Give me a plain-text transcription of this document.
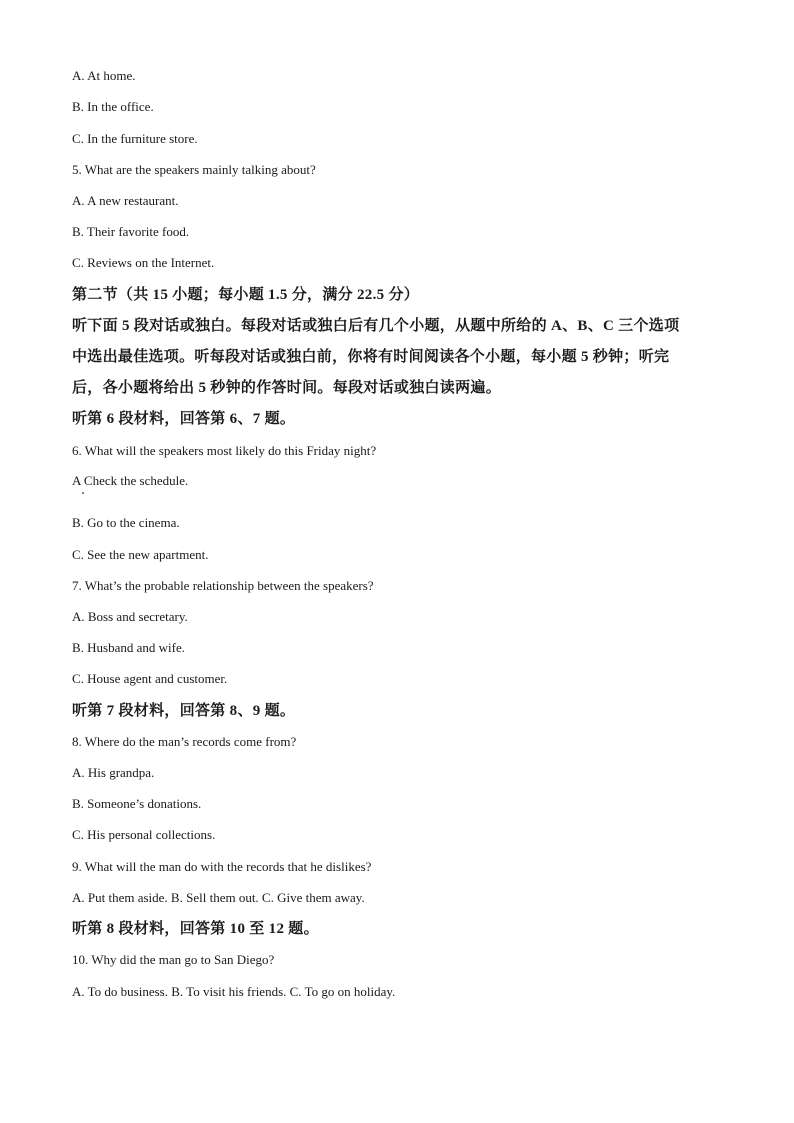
A. At home.
B. In the office.
C. In the furniture store.
5. What are the speakers mainly talking about?
A. A new restaurant.
B. Their favorite food.
C. Reviews on the Internet.
第二节（共 15 小题；每小题 1.5 分，满分 22.5 分）
听下面 5 段对话或独白。每段对话或独白后有几个小题，从题中所给的 A、B、C 三个选项
中选出最佳选项。听每段对话或独白前，你将有时间阅读各个小题，每小题 5 秒钟；听完
后，各小题将给出 5 秒钟的作答时间。每段对话或独白读两遍。
听第 6 段材料，回答第 6、7 题。
6. What will the speakers most likely do this Friday night?
A Check the schedule.
B. Go to the cinema.
C. See the new apartment.
7. What’s the probable relationship between the speakers?
A. Boss and secretary.
B. Husband and wife.
C. House agent and customer.
听第 7 段材料，回答第 8、9 题。
8. Where do the man’s records come from?
A. His grandpa.
B. Someone’s donations.
C. His personal collections.
9. What will the man do with the records that he dislikes?
A. Put them aside. B. Sell them out. C. Give them away.
听第 8 段材料，回答第 10 至 12 题。
10. Why did the man go to San Diego?
A. To do business. B. To visit his friends. C. To go on holiday.
